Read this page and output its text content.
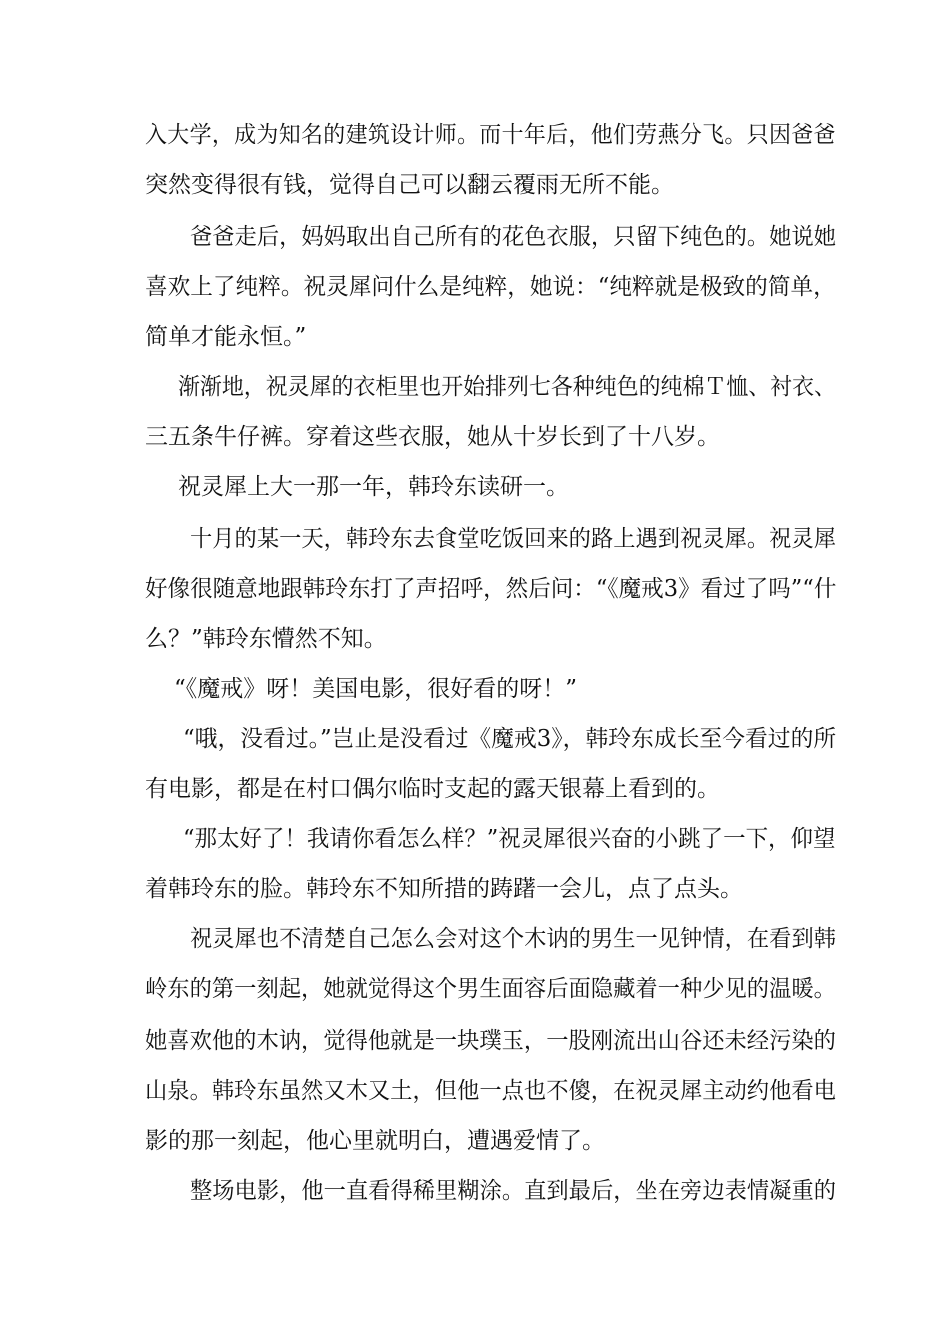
入大学，成为知名的建筑设计师。而十年后，他们劳燕分飞。只因爸爸
突然变得很有钱，觉得自己可以翻云覆雨无所不能。
爸爸走后，妈妈取出自己所有的花色衣服，只留下纯色的。她说她
喜欢上了纯粹。祝灵犀问什么是纯粹，她说：“纯粹就是极致的简单，
简单才能永恒。”
渐渐地，祝灵犀的衣柜里也开始排列七各种纯色的纯棉Ｔ恤、衬衣、
三五条牛仔裤。穿着这些衣服，她从十岁长到了十八岁。
祝灵犀上大一那一年，韩玲东读研一。
十月的某一天，韩玲东去食堂吃饭回来的路上遇到祝灵犀。祝灵犀
好像很随意地跟韩玲东打了声招呼，然后问：“《魔戒3》看过了吗”“什
么？”韩玲东懵然不知。
“《魔戒》呀！美国电影，很好看的呀！”
“哦，没看过。”岂止是没看过《魔戒3》，韩玲东成长至今看过的所
有电影，都是在村口偶尔临时支起的露天银幕上看到的。
“那太好了！我请你看怎么样？”祝灵犀很兴奋的小跳了一下，仰望
着韩玲东的脸。韩玲东不知所措的踌躇一会儿，点了点头。
祝灵犀也不清楚自己怎么会对这个木讷的男生一见钟情，在看到韩
岭东的第一刻起，她就觉得这个男生面容后面隐藏着一种少见的温暖。
她喜欢他的木讷，觉得他就是一块璞玉，一股刚流出山谷还未经污染的
山泉。韩玲东虽然又木又土，但他一点也不傻，在祝灵犀主动约他看电
影的那一刻起，他心里就明白，遭遇爱情了。
整场电影，他一直看得稀里糊涂。直到最后，坐在旁边表情凝重的
